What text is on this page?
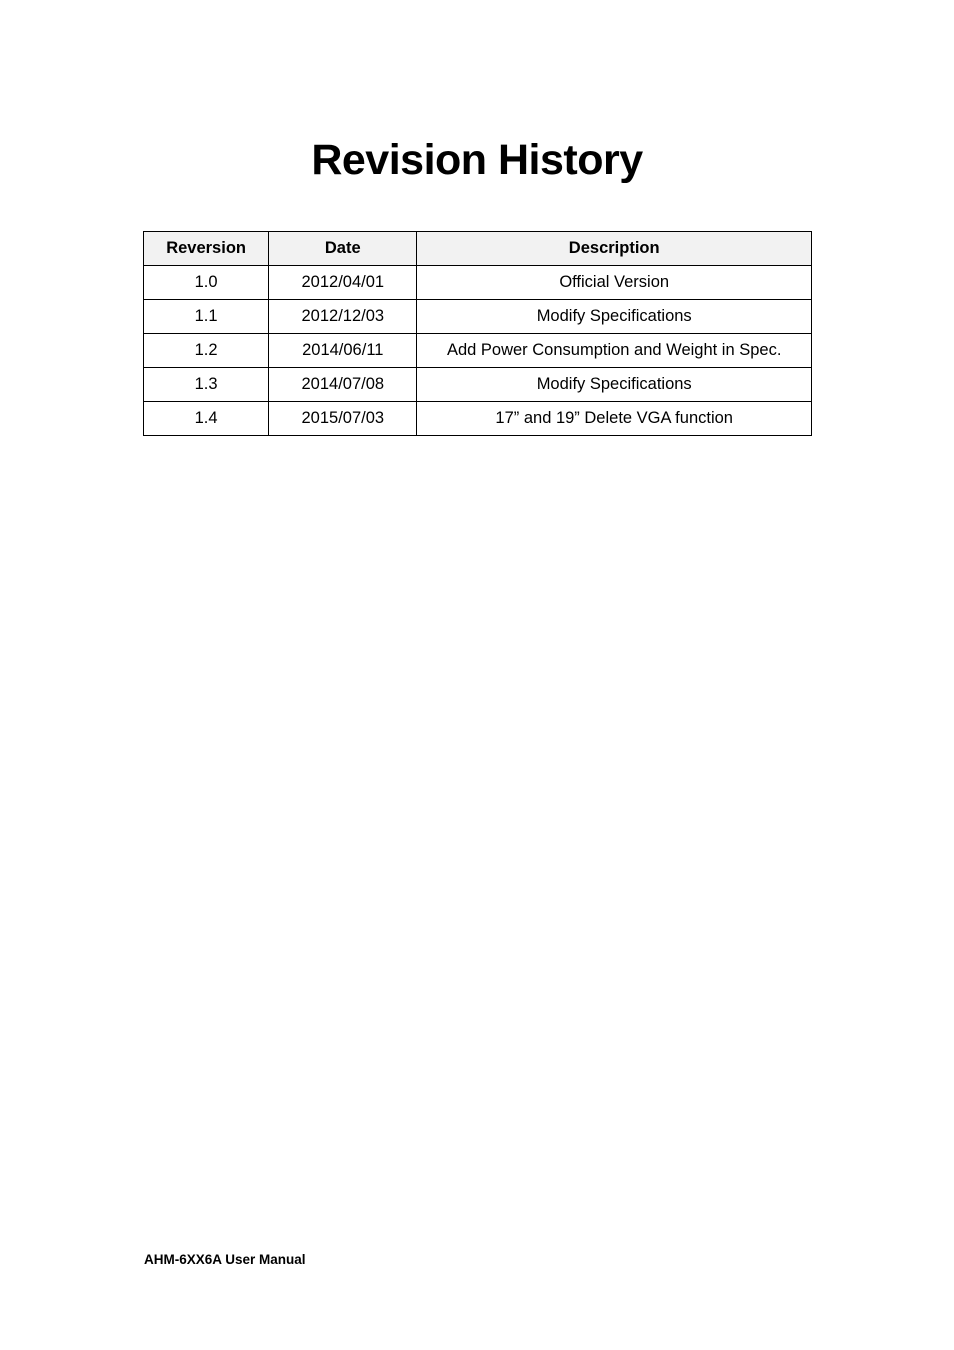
Revision History
Reversion	Date	Description
1.0	2012/04/01	Official Version
1.1	2012/12/03	Modify Specifications
1.2	2014/06/11	Add Power Consumption and Weight in Spec.
1.3	2014/07/08	Modify Specifications
1.4	2015/07/03	17” and 19” Delete VGA function
AHM-6XX6A User Manual
